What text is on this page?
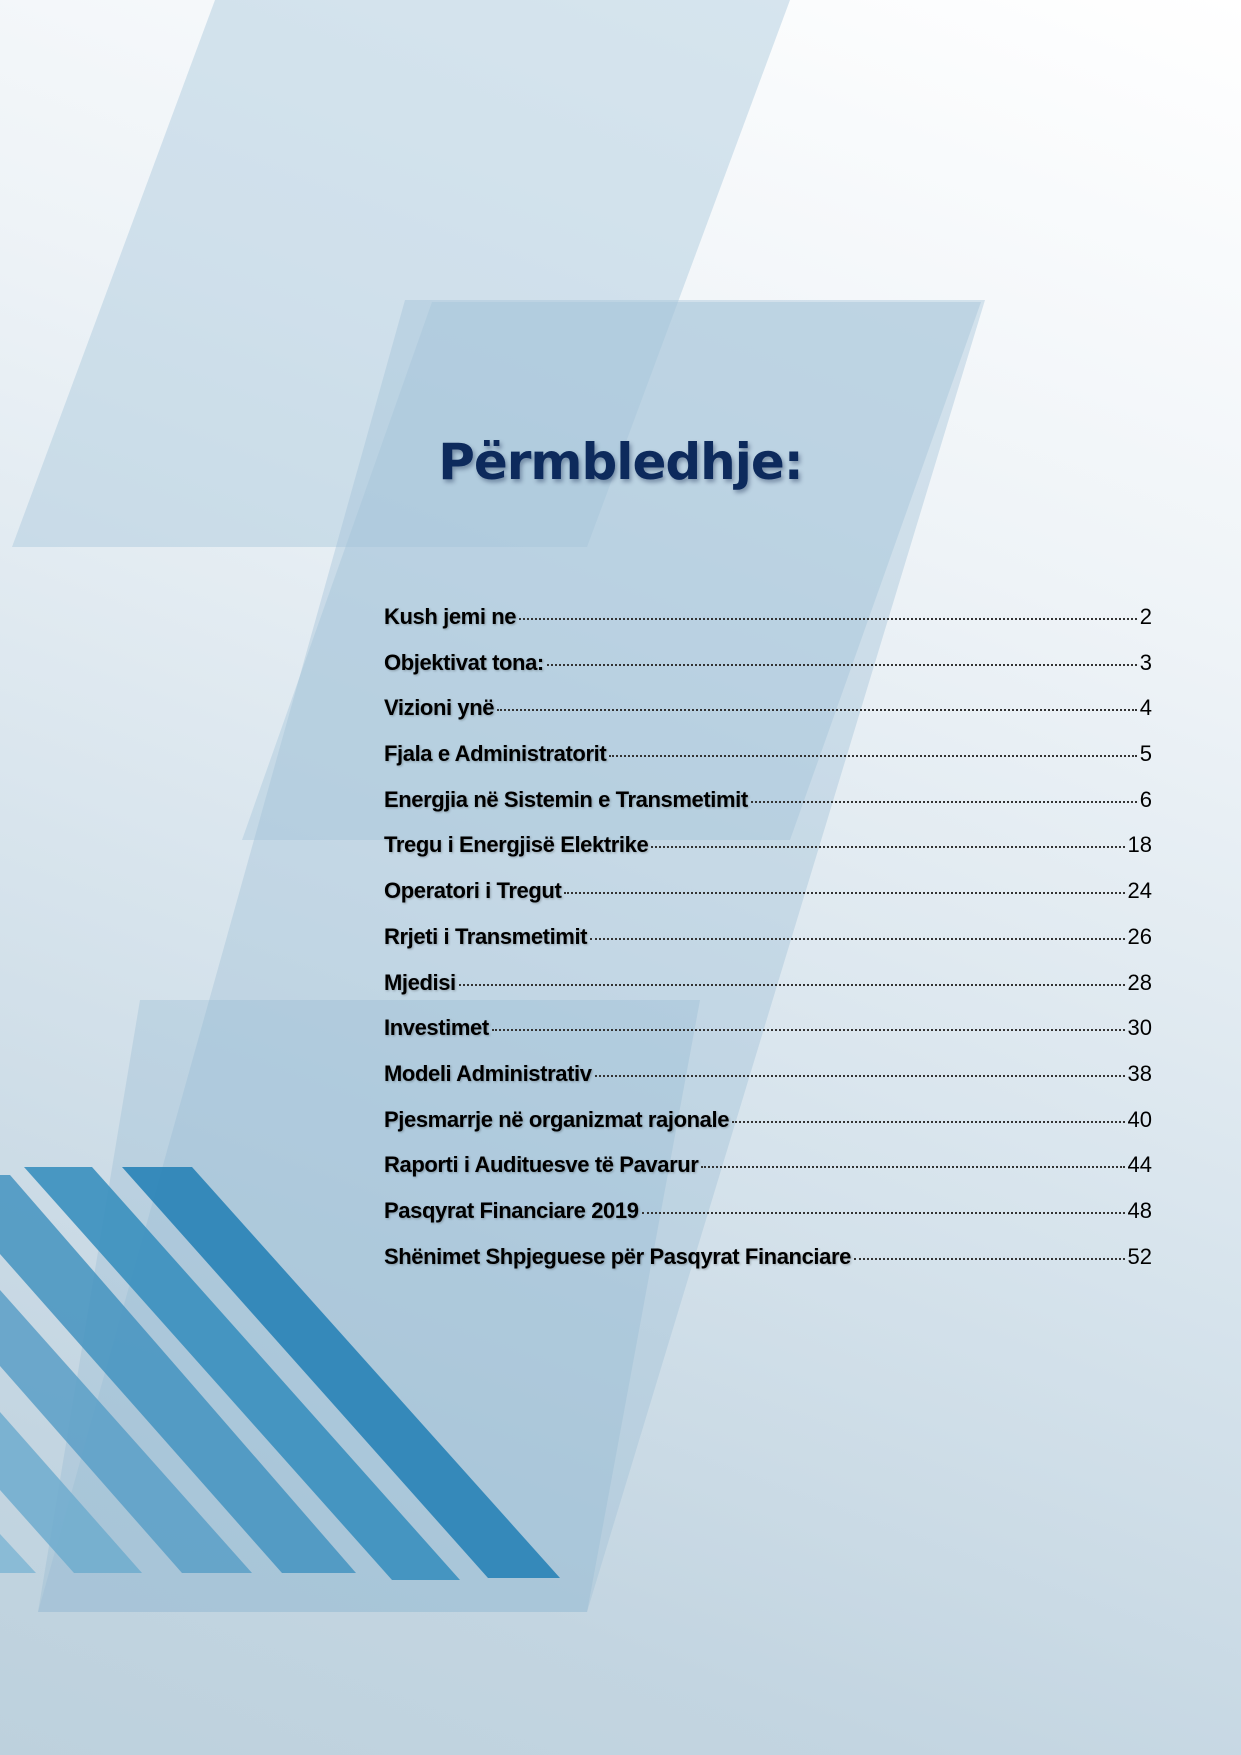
Përmbledhje:
Kush jemi ne	2
Objektivat tona:	3
Vizioni ynë	4
Fjala e Administratorit	5
Energjia në Sistemin e Transmetimit	6
Tregu i Energjisë Elektrike	18
Operatori i Tregut	24
Rrjeti i Transmetimit	26
Mjedisi	28
Investimet	30
Modeli Administrativ	38
Pjesmarrje në organizmat rajonale	40
Raporti i Audituesve të Pavarur	44
Pasqyrat Financiare 2019	48
Shënimet Shpjeguese për Pasqyrat Financiare	52
